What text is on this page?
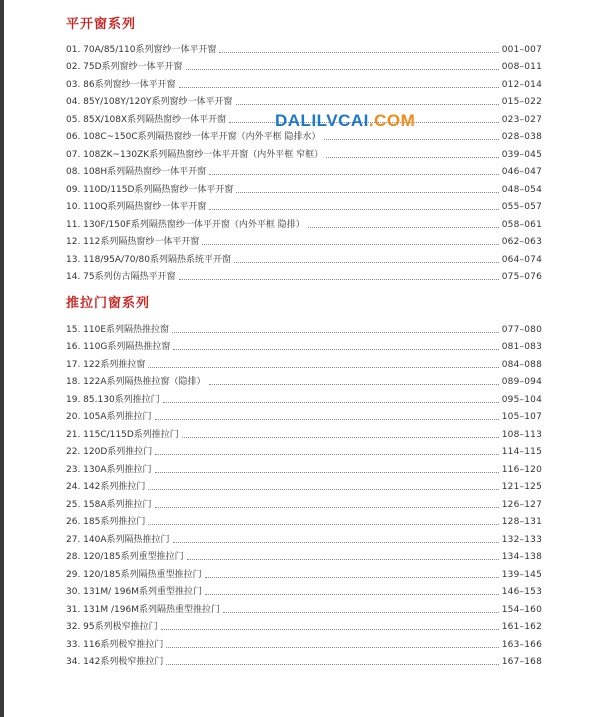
平开窗系列
01. 70A/85/110系列窗纱一体平开窗	001–007
02. 75D系列窗纱一体平开窗	008–011
03. 86系列窗纱一体平开窗	012–014
04. 85Y/108Y/120Y系列窗纱一体平开窗	015–022
05. 85X/108X系列隔热窗纱一体平开窗	023–027
06. 108C~150C系列隔热窗纱一体平开窗（内外平框 隐排水）	028–038
07. 108ZK~130ZK系列隔热窗纱一体平开窗（内外平框 窄框）	039–045
08. 108H系列隔热窗纱一体平开窗	046–047
09. 110D/115D系列隔热窗纱一体平开窗	048–054
10. 110Q系列隔热窗纱一体平开窗	055–057
11. 130F/150F系列隔热窗纱一体平开窗（内外平框 隐排）	058–061
12. 112系列隔热窗纱一体平开窗	062–063
13. 118/95A/70/80系列隔热系统平开窗	064–074
14. 75系列仿古隔热平开窗	075–076
推拉门窗系列
15. 110E系列隔热推拉窗	077–080
16. 110G系列隔热推拉窗	081–083
17. 122系列推拉窗	084–088
18. 122A系列隔热推拉窗（隐排）	089–094
19. 85.130系列推拉门	095–104
20. 105A系列推拉门	105–107
21. 115C/115D系列推拉门	108–113
22. 120D系列推拉门	114–115
23. 130A系列推拉门	116–120
24. 142系列推拉门	121–125
25. 158A系列推拉门	126–127
26. 185系列推拉门	128–131
27. 140A系列隔热推拉门	132–133
28. 120/185系列重型推拉门	134–138
29. 120/185系列隔热重型推拉门	139–145
30. 131M/ 196M系列重型推拉门	146–153
31. 131M /196M系列隔热重型推拉门	154–160
32. 95系列极窄推拉门	161–162
33. 116系列极窄推拉门	163–166
34. 142系列极窄推拉门	167–168
DALILVCAI.COM
